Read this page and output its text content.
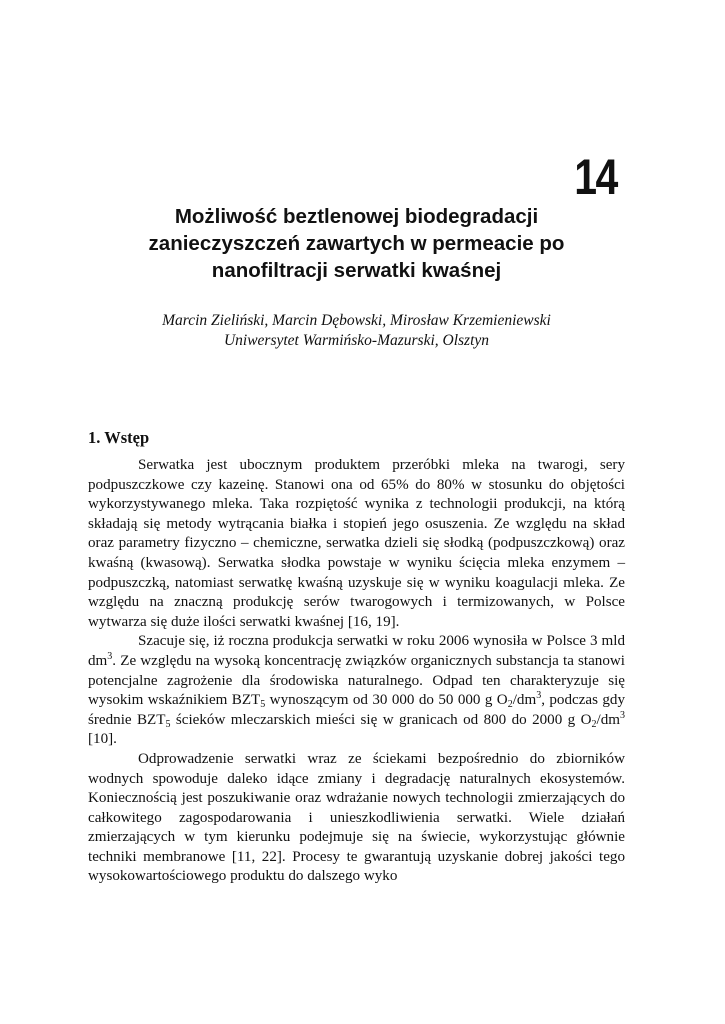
14
Możliwość beztlenowej biodegradacji
zanieczyszczeń zawartych w permeacie po
nanofiltracji serwatki kwaśnej
Marcin Zieliński, Marcin Dębowski, Mirosław Krzemieniewski
Uniwersytet Warmińsko-Mazurski, Olsztyn
1. Wstęp

Serwatka jest ubocznym produktem przeróbki mleka na twarogi, sery podpuszczkowe czy kazeinę. Stanowi ona od 65% do 80% w stosunku do objętości wykorzystywanego mleka. Taka rozpiętość wynika z technologii produkcji, na którą składają się metody wytrącania białka i stopień jego osuszenia. Ze względu na skład oraz parametry fizyczno – chemiczne, serwatka dzieli się słodką (podpuszczkową) oraz kwaśną (kwasową). Serwatka słodka powstaje w wyniku ścięcia mleka enzymem – podpuszczką, natomiast serwatkę kwaśną uzyskuje się w wyniku koagulacji mleka. Ze względu na znaczną produkcję serów twarogowych i termizowanych, w Polsce wytwarza się duże ilości serwatki kwaśnej [16, 19].

Szacuje się, iż roczna produkcja serwatki w roku 2006 wynosiła w Polsce 3 mld $dm^3$. Ze względu na wysoką koncentrację związków organicznych substancja ta stanowi potencjalne zagrożenie dla środowiska naturalnego. Odpad ten charakteryzuje się wysokim wskaźnikiem $BZT_5$ wynoszącym od 30 000 do 50 000 g $O_2/dm^3$, podczas gdy średnie $BZT_5$ ścieków mleczarskich mieści się w granicach od 800 do 2000 g $O_2/dm^3$ [10].

Odprowadzenie serwatki wraz ze ściekami bezpośrednio do zbiorników wodnych spowoduje daleko idące zmiany i degradację naturalnych ekosystemów. Koniecznością jest poszukiwanie oraz wdrażanie nowych technologii zmierzających do całkowitego zagospodarowania i unieszkodliwienia serwatki. Wiele działań zmierzających w tym kierunku podejmuje się na świecie, wykorzystując głównie techniki membranowe [11, 22]. Procesy te gwarantują uzyskanie dobrej jakości tego wysokowartościowego produktu do dalszego wyko
